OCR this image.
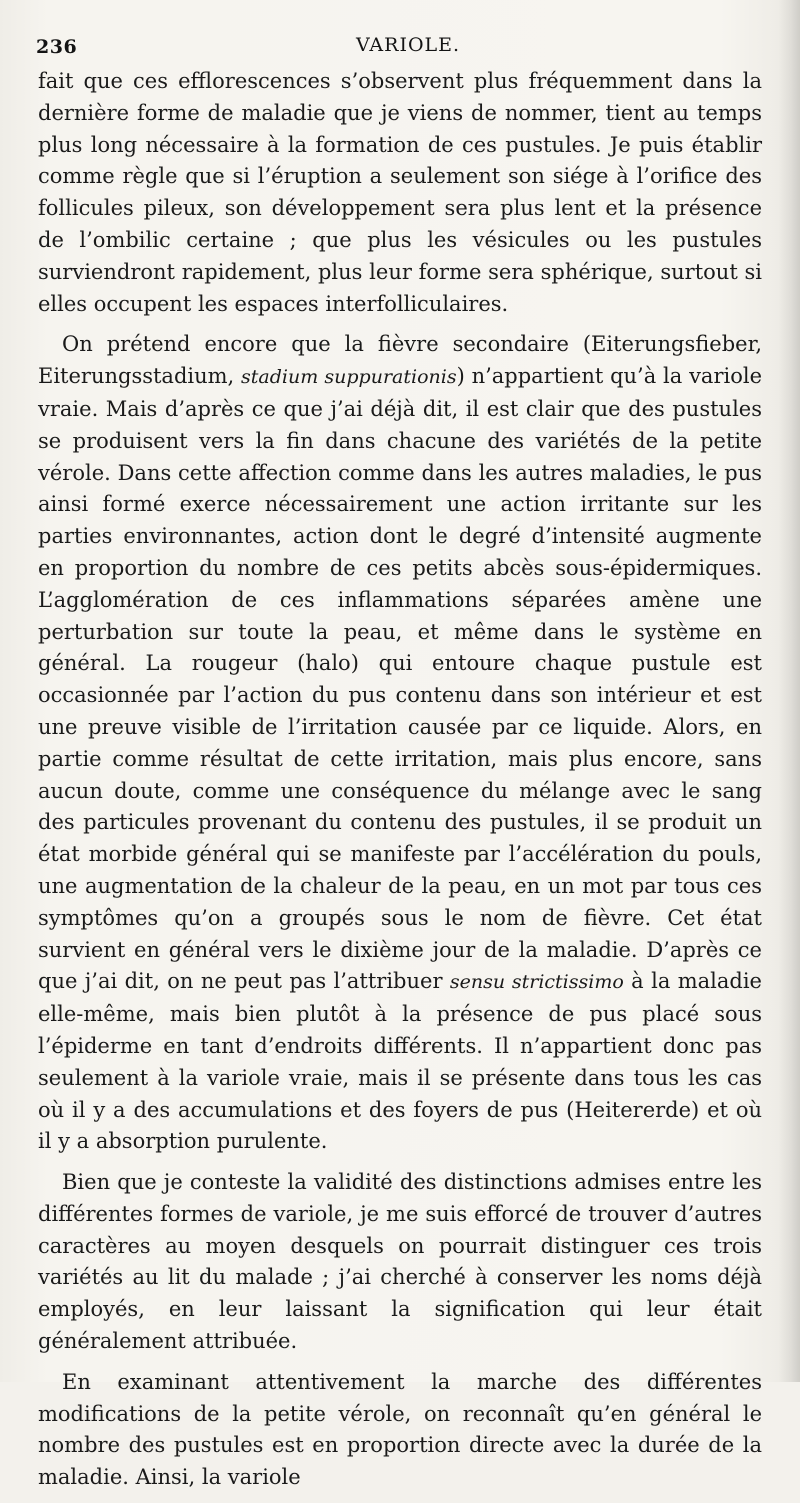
236	VARIOLE.

fait que ces efflorescences s’observent plus fréquemment dans la dernière forme de maladie que je viens de nommer, tient au temps plus long nécessaire à la formation de ces pustules. Je puis établir comme règle que si l’éruption a seulement son siége à l’orifice des follicules pileux, son développement sera plus lent et la présence de l’ombilic certaine ; que plus les vésicules ou les pustules surviendront rapidement, plus leur forme sera sphérique, surtout si elles occupent les espaces interfolliculaires.

On prétend encore que la fièvre secondaire (Eiterungsfieber, Eiterungsstadium, stadium suppurationis) n’appartient qu’à la variole vraie. Mais d’après ce que j’ai déjà dit, il est clair que des pustules se produisent vers la fin dans chacune des variétés de la petite vérole. Dans cette affection comme dans les autres maladies, le pus ainsi formé exerce nécessairement une action irritante sur les parties environnantes, action dont le degré d’intensité augmente en proportion du nombre de ces petits abcès sous-épidermiques. L’agglomération de ces inflammations séparées amène une perturbation sur toute la peau, et même dans le système en général. La rougeur (halo) qui entoure chaque pustule est occasionnée par l’action du pus contenu dans son intérieur et est une preuve visible de l’irritation causée par ce liquide. Alors, en partie comme résultat de cette irritation, mais plus encore, sans aucun doute, comme une conséquence du mélange avec le sang des particules provenant du contenu des pustules, il se produit un état morbide général qui se manifeste par l’accélération du pouls, une augmentation de la chaleur de la peau, en un mot par tous ces symptômes qu’on a groupés sous le nom de fièvre. Cet état survient en général vers le dixième jour de la maladie. D’après ce que j’ai dit, on ne peut pas l’attribuer sensu strictissimo à la maladie elle-même, mais bien plutôt à la présence de pus placé sous l’épiderme en tant d’endroits différents. Il n’appartient donc pas seulement à la variole vraie, mais il se présente dans tous les cas où il y a des accumulations et des foyers de pus (Heitererde) et où il y a absorption purulente.

Bien que je conteste la validité des distinctions admises entre les différentes formes de variole, je me suis efforcé de trouver d’autres caractères au moyen desquels on pourrait distinguer ces trois variétés au lit du malade ; j’ai cherché à conserver les noms déjà employés, en leur laissant la signification qui leur était généralement attribuée.

En examinant attentivement la marche des différentes modifications de la petite vérole, on reconnaît qu’en général le nombre des pustules est en proportion directe avec la durée de la maladie. Ainsi, la variole
